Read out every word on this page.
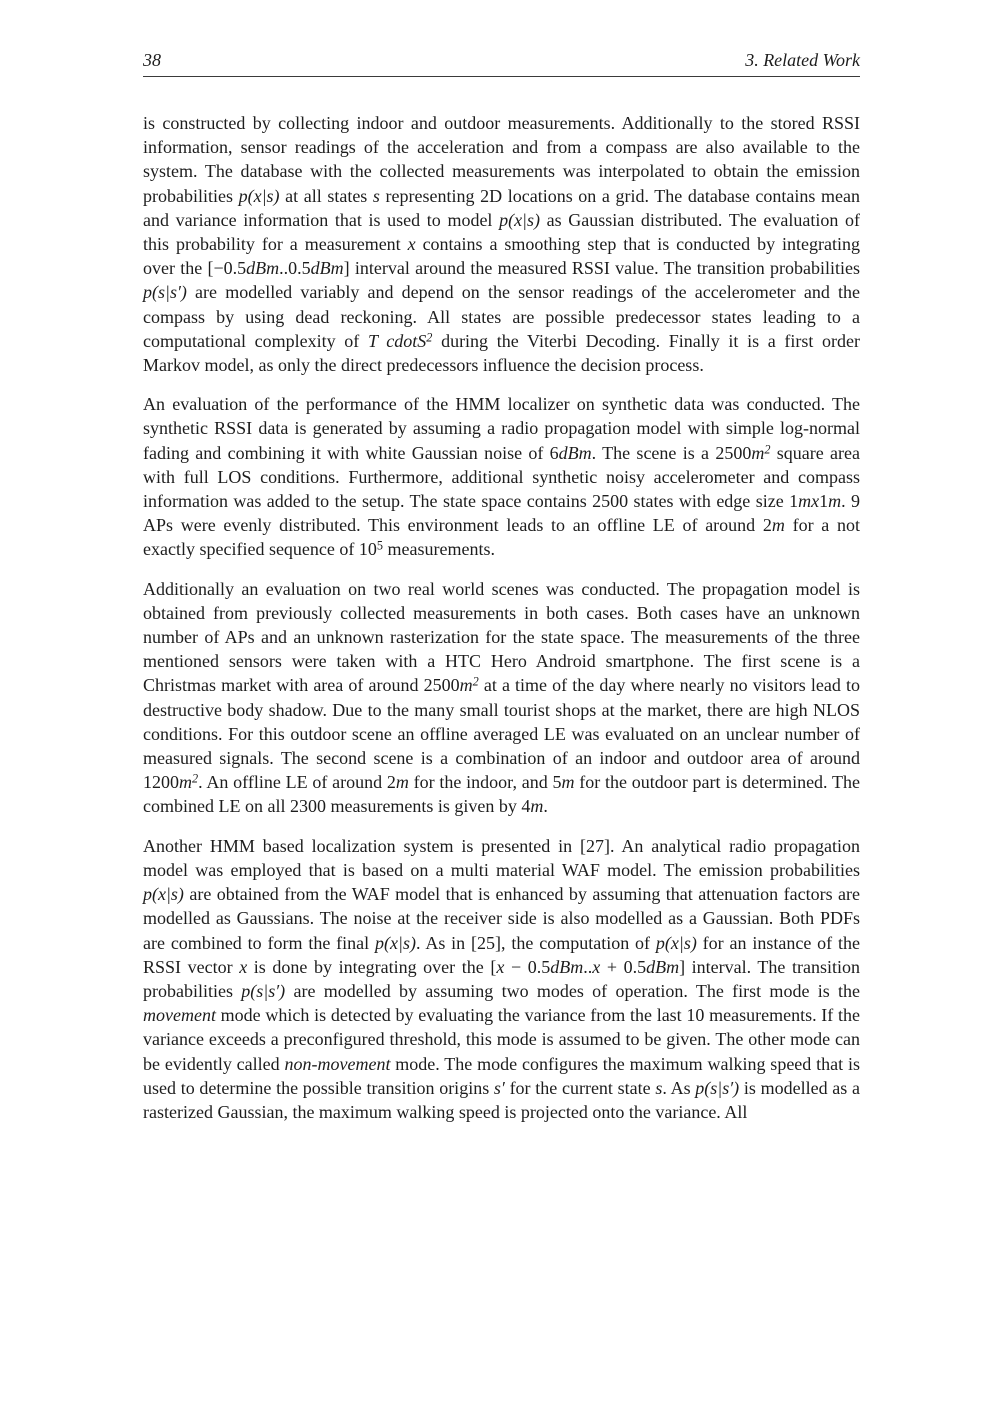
38	3. Related Work

is constructed by collecting indoor and outdoor measurements. Additionally to the stored RSSI information, sensor readings of the acceleration and from a compass are also available to the system. The database with the collected measurements was interpolated to obtain the emission probabilities p(x|s) at all states s representing 2D locations on a grid. The database contains mean and variance information that is used to model p(x|s) as Gaussian distributed. The evaluation of this probability for a measurement x contains a smoothing step that is conducted by integrating over the [−0.5dBm..0.5dBm] interval around the measured RSSI value. The transition probabilities p(s|s′) are modelled variably and depend on the sensor readings of the accelerometer and the compass by using dead reckoning. All states are possible predecessor states leading to a computational complexity of T cdotS$^2$ during the Viterbi Decoding. Finally it is a first order Markov model, as only the direct predecessors influence the decision process.

An evaluation of the performance of the HMM localizer on synthetic data was conducted. The synthetic RSSI data is generated by assuming a radio propagation model with simple log-normal fading and combining it with white Gaussian noise of 6dBm. The scene is a $2500m^2$ square area with full LOS conditions. Furthermore, additional synthetic noisy accelerometer and compass information was added to the setup. The state space contains 2500 states with edge size 1mx1m. 9 APs were evenly distributed. This environment leads to an offline LE of around 2m for a not exactly specified sequence of $10^5$ measurements.

Additionally an evaluation on two real world scenes was conducted. The propagation model is obtained from previously collected measurements in both cases. Both cases have an unknown number of APs and an unknown rasterization for the state space. The measurements of the three mentioned sensors were taken with a HTC Hero Android smartphone. The first scene is a Christmas market with area of around $2500m^2$ at a time of the day where nearly no visitors lead to destructive body shadow. Due to the many small tourist shops at the market, there are high NLOS conditions. For this outdoor scene an offline averaged LE was evaluated on an unclear number of measured signals. The second scene is a combination of an indoor and outdoor area of around $1200m^2$. An offline LE of around 2m for the indoor, and 5m for the outdoor part is determined. The combined LE on all 2300 measurements is given by 4m.

Another HMM based localization system is presented in [27]. An analytical radio propagation model was employed that is based on a multi material WAF model. The emission probabilities p(x|s) are obtained from the WAF model that is enhanced by assuming that attenuation factors are modelled as Gaussians. The noise at the receiver side is also modelled as a Gaussian. Both PDFs are combined to form the final p(x|s). As in [25], the computation of p(x|s) for an instance of the RSSI vector x is done by integrating over the [x − 0.5dBm..x + 0.5dBm] interval. The transition probabilities p(s|s′) are modelled by assuming two modes of operation. The first mode is the movement mode which is detected by evaluating the variance from the last 10 measurements. If the variance exceeds a preconfigured threshold, this mode is assumed to be given. The other mode can be evidently called non-movement mode. The mode configures the maximum walking speed that is used to determine the possible transition origins s′ for the current state s. As p(s|s′) is modelled as a rasterized Gaussian, the maximum walking speed is projected onto the variance. All
